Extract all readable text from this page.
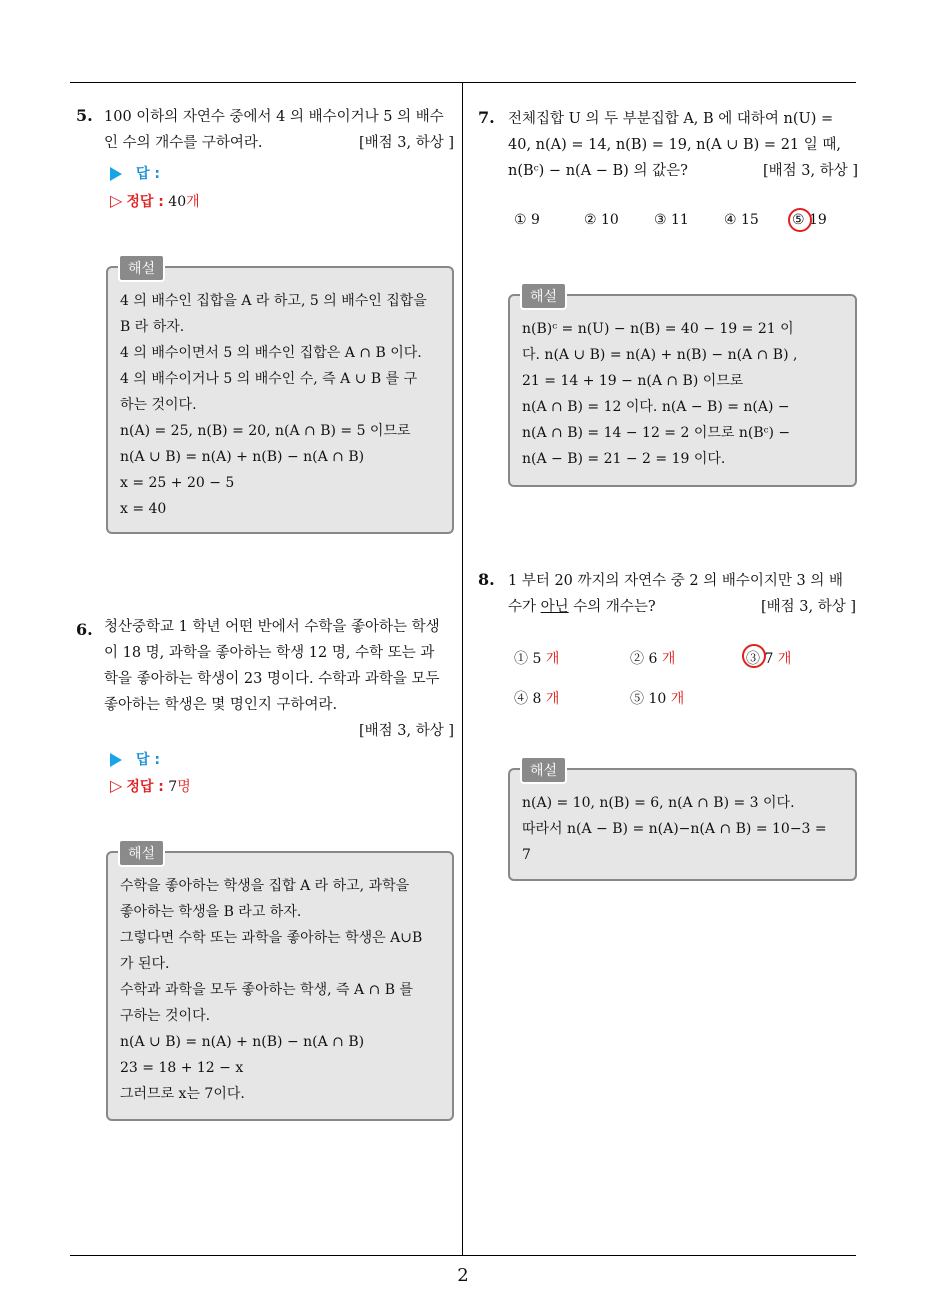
5. 100 이하의 자연수 중에서 4 의 배수이거나 5 의 배수
인 수의 개수를 구하여라.	[배점 3, 하상 ]
답 :
▷ 정답 : 40개
해설
4 의 배수인 집합을 A 라 하고, 5 의 배수인 집합을
B 라 하자.
4 의 배수이면서 5 의 배수인 집합은 A ∩ B 이다.
4 의 배수이거나 5 의 배수인 수, 즉 A ∪ B 를 구
하는 것이다.
n(A) = 25, n(B) = 20, n(A ∩ B) = 5 이므로
n(A ∪ B) = n(A) + n(B) − n(A ∩ B)
x = 25 + 20 − 5
x = 40
6. 청산중학교 1 학년 어떤 반에서 수학을 좋아하는 학생
이 18 명, 과학을 좋아하는 학생 12 명, 수학 또는 과
학을 좋아하는 학생이 23 명이다. 수학과 과학을 모두
좋아하는 학생은 몇 명인지 구하여라.
[배점 3, 하상 ]
답 :
▷ 정답 : 7명
해설
수학을 좋아하는 학생을 집합 A 라 하고, 과학을
좋아하는 학생을 B 라고 하자.
그렇다면 수학 또는 과학을 좋아하는 학생은 A∪B
가 된다.
수학과 과학을 모두 좋아하는 학생, 즉 A ∩ B 를
구하는 것이다.
n(A ∪ B) = n(A) + n(B) − n(A ∩ B)
23 = 18 + 12 − x
그러므로 x는 7이다.
7. 전체집합 U 의 두 부분집합 A, B 에 대하여 n(U) =
40, n(A) = 14, n(B) = 19, n(A ∪ B) = 21 일 때,
n(Bᶜ) − n(A − B) 의 값은?	[배점 3, 하상 ]
① 9	② 10	③ 11	④ 15 ⑤ 19
해설
n(B)ᶜ = n(U) − n(B) = 40 − 19 = 21 이
다. n(A ∪ B) = n(A) + n(B) − n(A ∩ B) ,
21 = 14 + 19 − n(A ∩ B) 이므로
n(A ∩ B) = 12 이다. n(A − B) = n(A) −
n(A ∩ B) = 14 − 12 = 2 이므로 n(Bᶜ) −
n(A − B) = 21 − 2 = 19 이다.
8. 1 부터 20 까지의 자연수 중 2 의 배수이지만 3 의 배
수가 아닌 수의 개수는?	[배점 3, 하상 ]
① 5 개	② 6 개	③ 7 개
④ 8 개	⑤ 10 개
해설
n(A) = 10, n(B) = 6, n(A ∩ B) = 3 이다.
따라서 n(A − B) = n(A)−n(A ∩ B) = 10−3 =
7
2
